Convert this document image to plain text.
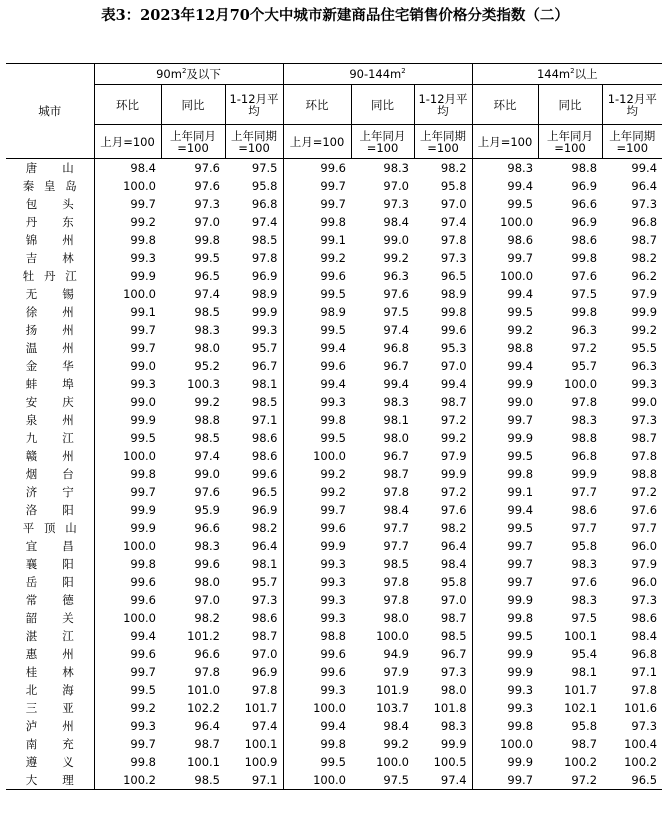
表3：2023年12月70个大中城市新建商品住宅销售价格分类指数（二）
城市	$90m^2$及以下			$90-144m^2$			$144m^2$以上		
	环比	同比	1-12月平均	环比	同比	1-12月平均	环比	同比	1-12月平均
	上月=100	上年同月=100	上年同期=100	上月=100	上年同月=100	上年同期=100	上月=100	上年同月=100	上年同期=100

唐 山	98.4	97.6	97.5	99.6	98.3	98.2	98.3	98.8	99.4

秦 皇 岛	100.0	97.6	95.8	99.7	97.0	95.8	99.4	96.9	96.4

包 头	99.7	97.3	96.8	99.7	97.3	97.0	99.5	96.6	97.3

丹 东	99.2	97.0	97.4	99.8	98.4	97.4	100.0	96.9	96.8

锦 州	99.8	99.8	98.5	99.1	99.0	97.8	98.6	98.6	98.7

吉 林	99.3	99.5	97.8	99.2	99.2	97.3	99.7	99.8	98.2

牡 丹 江	99.9	96.5	96.9	99.6	96.3	96.5	100.0	97.6	96.2

无 锡	100.0	97.4	98.9	99.5	97.6	98.9	99.4	97.5	97.9

徐 州	99.1	98.5	99.9	98.9	97.5	99.8	99.5	99.8	99.9

扬 州	99.7	98.3	99.3	99.5	97.4	99.6	99.2	96.3	99.2

温 州	99.7	98.0	95.7	99.4	96.8	95.3	98.8	97.2	95.5

金 华	99.0	95.2	96.7	99.6	96.7	97.0	99.4	95.7	96.3

蚌 埠	99.3	100.3	98.1	99.4	99.4	99.4	99.9	100.0	99.3

安 庆	99.0	99.2	98.5	99.3	98.3	98.7	99.0	97.8	99.0

泉 州	99.9	98.8	97.1	99.8	98.1	97.2	99.7	98.3	97.3

九 江	99.5	98.5	98.6	99.5	98.0	99.2	99.9	98.8	98.7

赣 州	100.0	97.4	98.6	100.0	96.7	97.9	99.5	96.8	97.8

烟 台	99.8	99.0	99.6	99.2	98.7	99.9	99.8	99.9	98.8

济 宁	99.7	97.6	96.5	99.2	97.8	97.2	99.1	97.7	97.2

洛 阳	99.9	95.9	96.9	99.7	98.4	97.6	99.4	98.6	97.6

平 顶 山	99.9	96.6	98.2	99.6	97.7	98.2	99.5	97.7	97.7

宜 昌	100.0	98.3	96.4	99.9	97.7	96.4	99.7	95.8	96.0

襄 阳	99.8	99.6	98.1	99.3	98.5	98.4	99.7	98.3	97.9

岳 阳	99.6	98.0	95.7	99.3	97.8	95.8	99.7	97.6	96.0

常 德	99.6	97.0	97.3	99.3	97.8	97.0	99.9	98.3	97.3

韶 关	100.0	98.2	98.6	99.3	98.0	98.7	99.8	97.5	98.6

湛 江	99.4	101.2	98.7	98.8	100.0	98.5	99.5	100.1	98.4

惠 州	99.6	96.6	97.0	99.6	94.9	96.7	99.9	95.4	96.8

桂 林	99.7	97.8	96.9	99.6	97.9	97.3	99.9	98.1	97.1

北 海	99.5	101.0	97.8	99.3	101.9	98.0	99.3	101.7	97.8

三 亚	99.2	102.2	101.7	100.0	103.7	101.8	99.3	102.1	101.6

泸 州	99.3	96.4	97.4	99.4	98.4	98.3	99.8	95.8	97.3

南 充	99.7	98.7	100.1	99.8	99.2	99.9	100.0	98.7	100.4

遵 义	99.8	100.1	100.9	99.5	100.0	100.5	99.9	100.2	100.2

大 理	100.2	98.5	97.1	100.0	97.5	97.4	99.7	97.2	96.5
